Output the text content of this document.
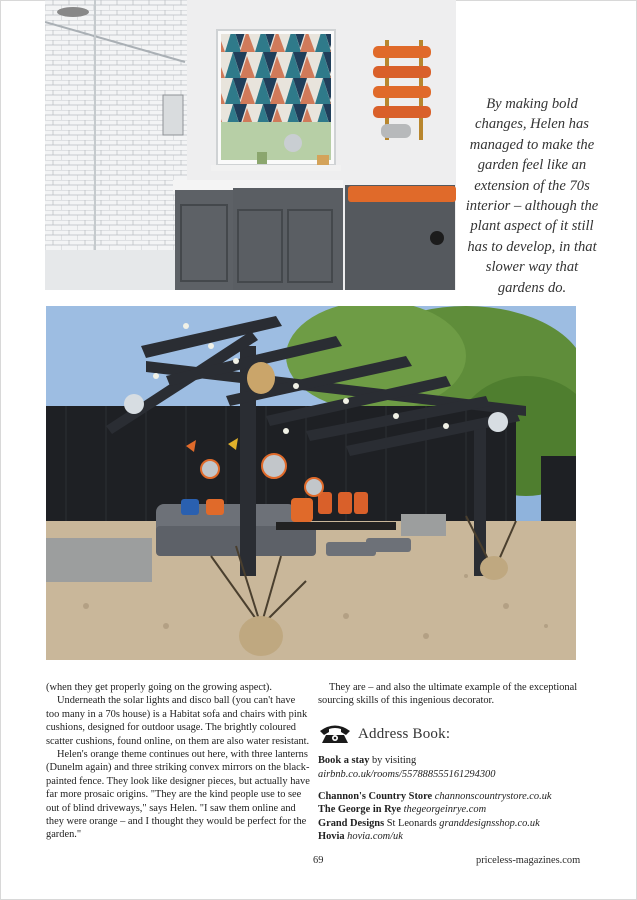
By making bold changes, Helen has managed to make the garden feel like an extension of the 70s interior – although the plant aspect of it still has to develop, in that slower way that gardens do.

(when they get properly going on the growing aspect).

Underneath the solar lights and disco ball (you can't have too many in a 70s house) is a Habitat sofa and chairs with pink cushions, designed for outdoor usage. The brightly coloured scatter cushions, found online, on them are also water resistant.

Helen's orange theme continues out here, with three lanterns (Dunelm again) and three striking convex mirrors on the black-painted fence. They look like designer pieces, but actually have far more prosaic origins. "They are the kind people use to see out of blind driveways," says Helen. "I saw them online and they were orange – and I thought they would be perfect for the garden."

They are – and also the ultimate example of the exceptional sourcing skills of this ingenious decorator.

Address Book:

Book a stay by visiting

airbnb.co.uk/rooms/557888555161294300

Channon's Country Store channonscountrystore.co.uk

The George in Rye thegeorgeinrye.com

Grand Designs St Leonards granddesignsshop.co.uk

Hovia hovia.com/uk

69	priceless-magazines.com
